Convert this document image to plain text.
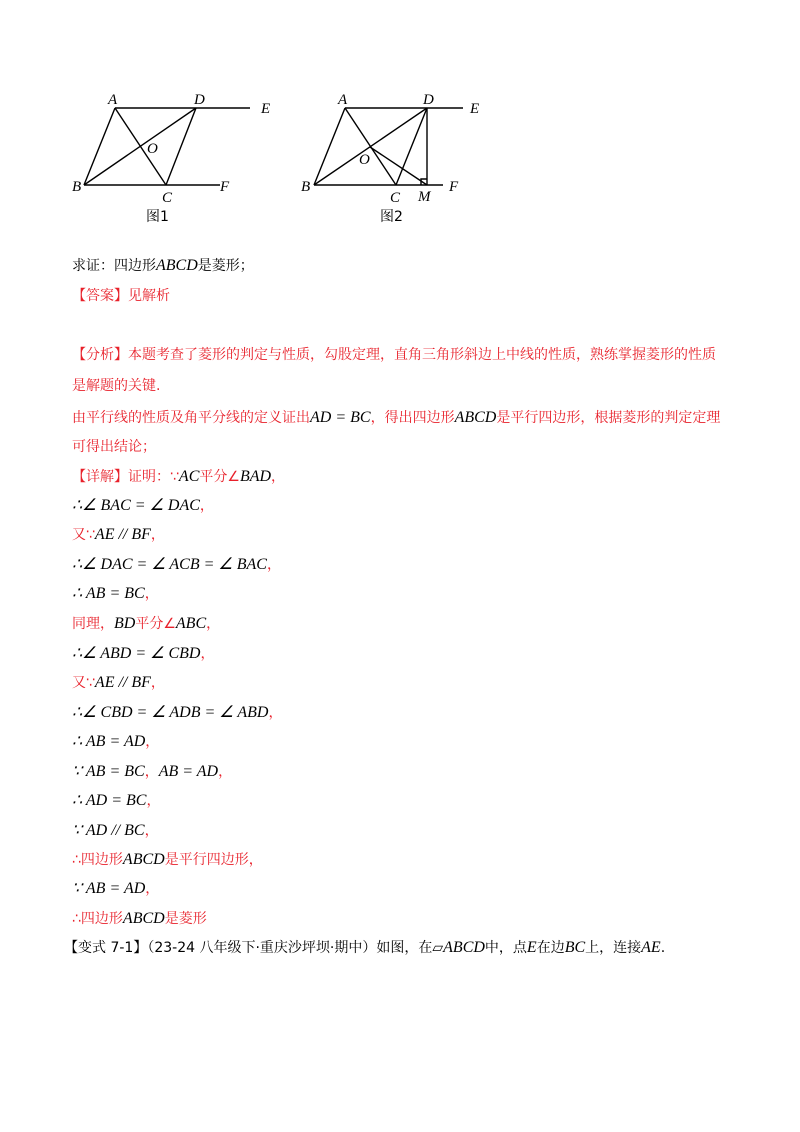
A	D
E
O
B
C
F
A	D
E
O
B
C M
F
图1	图2
求证：四边形ABCD是菱形；
【答案】见解析
【分析】本题考查了菱形的判定与性质，勾股定理，直角三角形斜边上中线的性质，熟练掌握菱形的性质
是解题的关键.
由平行线的性质及角平分线的定义证出AD = BC，得出四边形ABCD是平行四边形，根据菱形的判定定理
可得出结论；
【详解】证明：∵AC平分∠BAD，
∴∠ BAC = ∠ DAC，
又∵AE // BF，
∴∠ DAC = ∠ ACB = ∠ BAC，
∴ AB = BC，
同理，BD平分∠ABC，
∴∠ ABD = ∠ CBD，
又∵AE // BF，
∴∠ CBD = ∠ ADB = ∠ ABD，
∴ AB = AD，
∵ AB = BC，AB = AD，
∴ AD = BC，
∵ AD // BC，
∴四边形ABCD是平行四边形，
∵ AB = AD，
∴四边形ABCD是菱形
【变式 7-1】（23-24 八年级下·重庆沙坪坝·期中）如图，在▱ABCD中，点E在边BC上，连接AE.
